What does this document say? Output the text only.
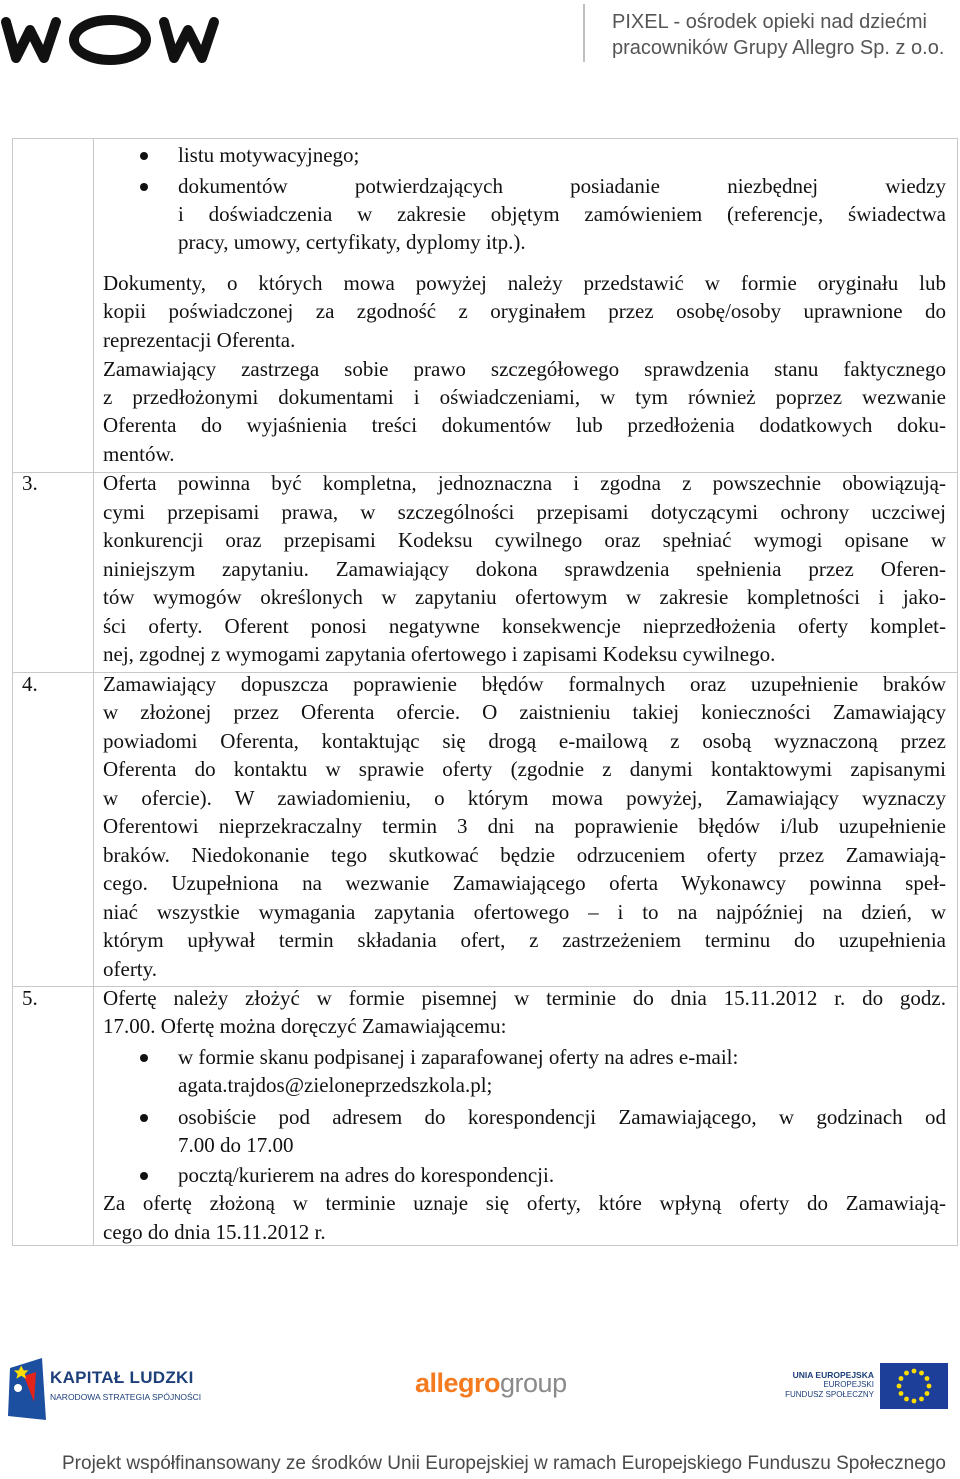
PIXEL - ośrodek opieki nad dziećmi
pracowników Grupy Allegro Sp. z o.o.
listu motywacyjnego;
dokumentów potwierdzających posiadanie niezbędnej wiedzy
i doświadczenia w zakresie objętym zamówieniem (referencje, świadectwa
pracy, umowy, certyfikaty, dyplomy itp.).
Dokumenty, o których mowa powyżej należy przedstawić w formie oryginału lub
kopii poświadczonej za zgodność z oryginałem przez osobę/osoby uprawnione do
reprezentacji Oferenta.
Zamawiający zastrzega sobie prawo szczegółowego sprawdzenia stanu faktycznego
z przedłożonymi dokumentami i oświadczeniami, w tym również poprzez wezwanie
Oferenta do wyjaśnienia treści dokumentów lub przedłożenia dodatkowych doku-
mentów.
3.	Oferta powinna być kompletna, jednoznaczna i zgodna z powszechnie obowiązują-
cymi przepisami prawa, w szczególności przepisami dotyczącymi ochrony uczciwej
konkurencji oraz przepisami Kodeksu cywilnego oraz spełniać wymogi opisane w
niniejszym zapytaniu. Zamawiający dokona sprawdzenia spełnienia przez Oferen-
tów wymogów określonych w zapytaniu ofertowym w zakresie kompletności i jako-
ści oferty. Oferent ponosi negatywne konsekwencje nieprzedłożenia oferty komplet-
nej, zgodnej z wymogami zapytania ofertowego i zapisami Kodeksu cywilnego.
4.	Zamawiający dopuszcza poprawienie błędów formalnych oraz uzupełnienie braków
w złożonej przez Oferenta ofercie. O zaistnieniu takiej konieczności Zamawiający
powiadomi Oferenta, kontaktując się drogą e-mailową z osobą wyznaczoną przez
Oferenta do kontaktu w sprawie oferty (zgodnie z danymi kontaktowymi zapisanymi
w ofercie). W zawiadomieniu, o którym mowa powyżej, Zamawiający wyznaczy
Oferentowi nieprzekraczalny termin 3 dni na poprawienie błędów i/lub uzupełnienie
braków. Niedokonanie tego skutkować będzie odrzuceniem oferty przez Zamawiają-
cego. Uzupełniona na wezwanie Zamawiającego oferta Wykonawcy powinna speł-
niać wszystkie wymagania zapytania ofertowego – i to na najpóźniej na dzień, w
którym upływał termin składania ofert, z zastrzeżeniem terminu do uzupełnienia
oferty.
5.	Ofertę należy złożyć w formie pisemnej w terminie do dnia 15.11.2012 r. do godz.
17.00. Ofertę można doręczyć Zamawiającemu:
w formie skanu podpisanej i zaparafowanej oferty na adres e-mail:
agata.trajdos@zieloneprzedszkola.pl;
osobiście pod adresem do korespondencji Zamawiającego, w godzinach od
7.00 do 17.00
pocztą/kurierem na adres do korespondencji.
Za ofertę złożoną w terminie uznaje się oferty, które wpłyną oferty do Zamawiają-
cego do dnia 15.11.2012 r.
KAPITAŁ LUDZKI
NARODOWA STRATEGIA SPÓJNOŚCI	allegrogroup	UNIA EUROPEJSKA
EUROPEJSKI
FUNDUSZ SPOŁECZNY
Projekt współfinansowany ze środków Unii Europejskiej w ramach Europejskiego Funduszu Społecznego
